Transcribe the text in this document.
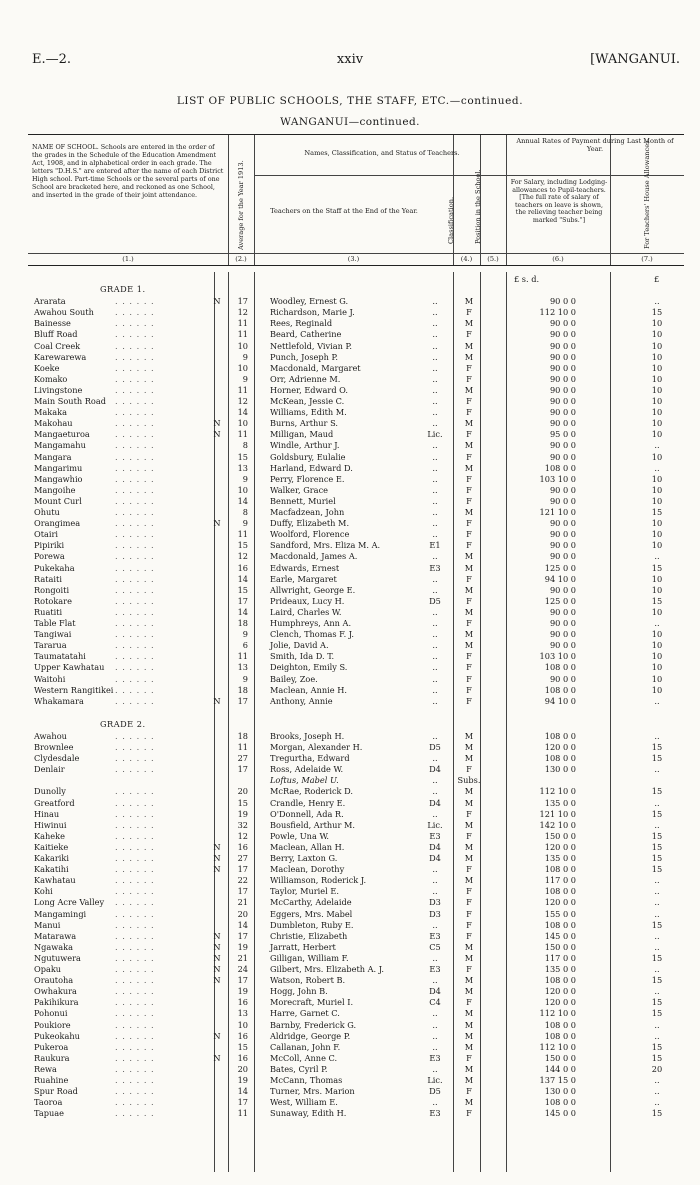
E.—2.	xxiv	[WANGANUI.
LIST OF PUBLIC SCHOOLS, THE STAFF, ETC.—continued.
WANGANUI—continued.
NAME OF SCHOOL. Schools are entered in the order of the grades in the Schedule of the Education Amendment Act, 1908, and in alphabetical order in each grade. The letters "D.H.S." are entered after the name of each District High school. Part-time Schools or the several parts of one School are bracketed here, and reckoned as one School, and inserted in the grade of their joint attendance.	Average for the Year 1913.
Names, Classification, and Status of Teachers.
Teachers on the Staff at the End of the Year.	Classification.	Position in the School.
Annual Rates of Payment during Last Month of Year.
For Salary, including Lodging-allowances to Pupil-teachers. [The full rate of salary of teachers on leave is shown, the relieving teacher being marked "Subs."]	For Teachers' House Allowances.
(1.)	(2.)	(3.)	(4.)	(5.)	(6.)	(7.)
£ s. d.	£
GRADE 1.
Ararata	. . . . . .	N	17	Woodley, Ernest G.	..	M	90 0 0	..
Awahou South	. . . . . .	12	Richardson, Marie J.	..	F	112 10 0	15
Bainesse	. . . . . .	11	Rees, Reginald	..	M	90 0 0	10
Bluff Road	. . . . . .	11	Beard, Catherine	..	F	90 0 0	10
Coal Creek	. . . . . .	10	Nettlefold, Vivian P.	..	M	90 0 0	10
Karewarewa	. . . . . .	9	Punch, Joseph P.	..	M	90 0 0	10
Koeke	. . . . . .	10	Macdonald, Margaret	..	F	90 0 0	10
Komako	. . . . . .	9	Orr, Adrienne M.	..	F	90 0 0	10
Livingstone	. . . . . .	11	Horner, Edward O.	..	M	90 0 0	10
Main South Road . . . . . .	12	McKean, Jessie C.	..	F	90 0 0	10
Makaka	. . . . . .	14	Williams, Edith M.	..	F	90 0 0	10
Makohau	. . . . . .	N	10	Burns, Arthur S.	..	M	90 0 0	10
Mangaeturoa	. . . . . .	N	11	Milligan, Maud	Lic.	F	95 0 0	10
Mangamahu	. . . . . .	8	Windle, Arthur J.	..	M	90 0 0	..
Mangara	. . . . . .	15	Goldsbury, Eulalie	..	F	90 0 0	10
Mangarimu	. . . . . .	13	Harland, Edward D.	..	M	108 0 0	..
Mangawhio	. . . . . .	9	Perry, Florence E.	..	F	103 10 0	10
Mangoihe	. . . . . .	10	Walker, Grace	..	F	90 0 0	10
Mount Curl	. . . . . .	14	Bennett, Muriel	..	F	90 0 0	10
Ohutu	. . . . . .	8	Macfadzean, John	..	M	121 10 0	15
Orangimea	. . . . . .	N	9	Duffy, Elizabeth M.	..	F	90 0 0	10
Otairi	. . . . . .	11	Woolford, Florence	..	F	90 0 0	10
Pipiriki	. . . . . .	15	Sandford, Mrs. Eliza M. A.	E1	F	90 0 0	10
Porewa	. . . . . .	12	Macdonald, James A.	..	M	90 0 0	..
Pukekaha	. . . . . .	16	Edwards, Ernest	E3	M	125 0 0	15
Rataiti	. . . . . .	14	Earle, Margaret	..	F	94 10 0	10
Rongoiti	. . . . . .	15	Allwright, George E.	..	M	90 0 0	10
Rotokare	. . . . . .	17	Prideaux, Lucy H.	D5	F	125 0 0	15
Ruatiti	. . . . . .	14	Laird, Charles W.	..	M	90 0 0	10
Table Flat	. . . . . .	18	Humphreys, Ann A.	..	F	90 0 0	..
Tangiwai	. . . . . .	9	Clench, Thomas F. J.	..	M	90 0 0	10
Tararua	. . . . . .	6	Jolie, David A.	..	M	90 0 0	10
Taumatatahi	. . . . . .	11	Smith, Ida D. T.	..	F	103 10 0	10
Upper Kawhatau . . . . . .	13	Deighton, Emily S.	..	F	108 0 0	10
Waitohi	. . . . . .	9	Bailey, Zoe.	..	F	90 0 0	10
Western Rangitikei . . . . . .	18	Maclean, Annie H.	..	F	108 0 0	10
Whakamara	. . . . . .	N	17	Anthony, Annie	..	F	94 10 0	..
GRADE 2.
Awahou	. . . . . .	18	Brooks, Joseph H.	..	M	108 0 0	..
Brownlee	. . . . . .	11	Morgan, Alexander H.	D5	M	120 0 0	15
Clydesdale	. . . . . .	27	Tregurtha, Edward	..	M	108 0 0	15
Denlair	. . . . . .	17	Ross, Adelaide W.	D4	F	130 0 0	..
Loftus, Mabel U.	..	Subs.
Dunolly	. . . . . .	20	McRae, Roderick D.	..	M	112 10 0	15
Greatford	. . . . . .	15	Crandle, Henry E.	D4	M	135 0 0	..
Hinau	. . . . . .	19	O'Donnell, Ada R.	..	F	121 10 0	15
Hiwinui	. . . . . .	32	Bousfield, Arthur M.	Lic.	M	142 10 0	..
Kaheke	. . . . . .	12	Powle, Una W.	E3	F	150 0 0	15
Kaitieke	. . . . . .	N	16	Maclean, Allan H.	D4	M	120 0 0	15
Kakariki	. . . . . .	N	27	Berry, Laxton G.	D4	M	135 0 0	15
Kakatihi	. . . . . .	N	17	Maclean, Dorothy	..	F	108 0 0	15
Kawhatau	. . . . . .	22	Williamson, Roderick J.	..	M	117 0 0	..
Kohi	. . . . . .	17	Taylor, Muriel E.	..	F	108 0 0	..
Long Acre Valley . . . . . .	21	McCarthy, Adelaide	D3	F	120 0 0	..
Mangamingi	. . . . . .	20	Eggers, Mrs. Mabel	D3	F	155 0 0	..
Manui	. . . . . .	14	Dumbleton, Ruby E.	..	F	108 0 0	15
Matarawa	. . . . . .	N	17	Christie, Elizabeth	E3	F	145 0 0	..
Ngawaka	. . . . . .	N	19	Jarratt, Herbert	C5	M	150 0 0	..
Ngutuwera	. . . . . .	N	21	Gilligan, William F.	..	M	117 0 0	15
Opaku	. . . . . .	N	24	Gilbert, Mrs. Elizabeth A. J.	E3	F	135 0 0	..
Orautoha	. . . . . .	N	17	Watson, Robert B.	..	M	108 0 0	15
Owhakura	. . . . . .	19	Hogg, John B.	D4	M	120 0 0	..
Pakihikura	. . . . . .	16	Morecraft, Muriel I.	C4	F	120 0 0	15
Pohonui	. . . . . .	13	Harre, Garnet C.	..	M	112 10 0	15
Poukiore	. . . . . .	10	Barnby, Frederick G.	..	M	108 0 0	..
Pukeokahu	. . . . . .	N	16	Aldridge, George P.	..	M	108 0 0	..
Pukeroa	. . . . . .	15	Callanan, John F.	..	M	112 10 0	15
Raukura	. . . . . .	N	16	McColl, Anne C.	E3	F	150 0 0	15
Rewa	. . . . . .	20	Bates, Cyril P.	..	M	144 0 0	20
Ruahine	. . . . . .	19	McCann, Thomas	Lic.	M	137 15 0	..
Spur Road	. . . . . .	14	Turner, Mrs. Marion	D5	F	130 0 0	..
Taoroa	. . . . . .	17	West, William E.	..	M	108 0 0	..
Tapuae	. . . . . .	11	Sunaway, Edith H.	E3	F	145 0 0	15
